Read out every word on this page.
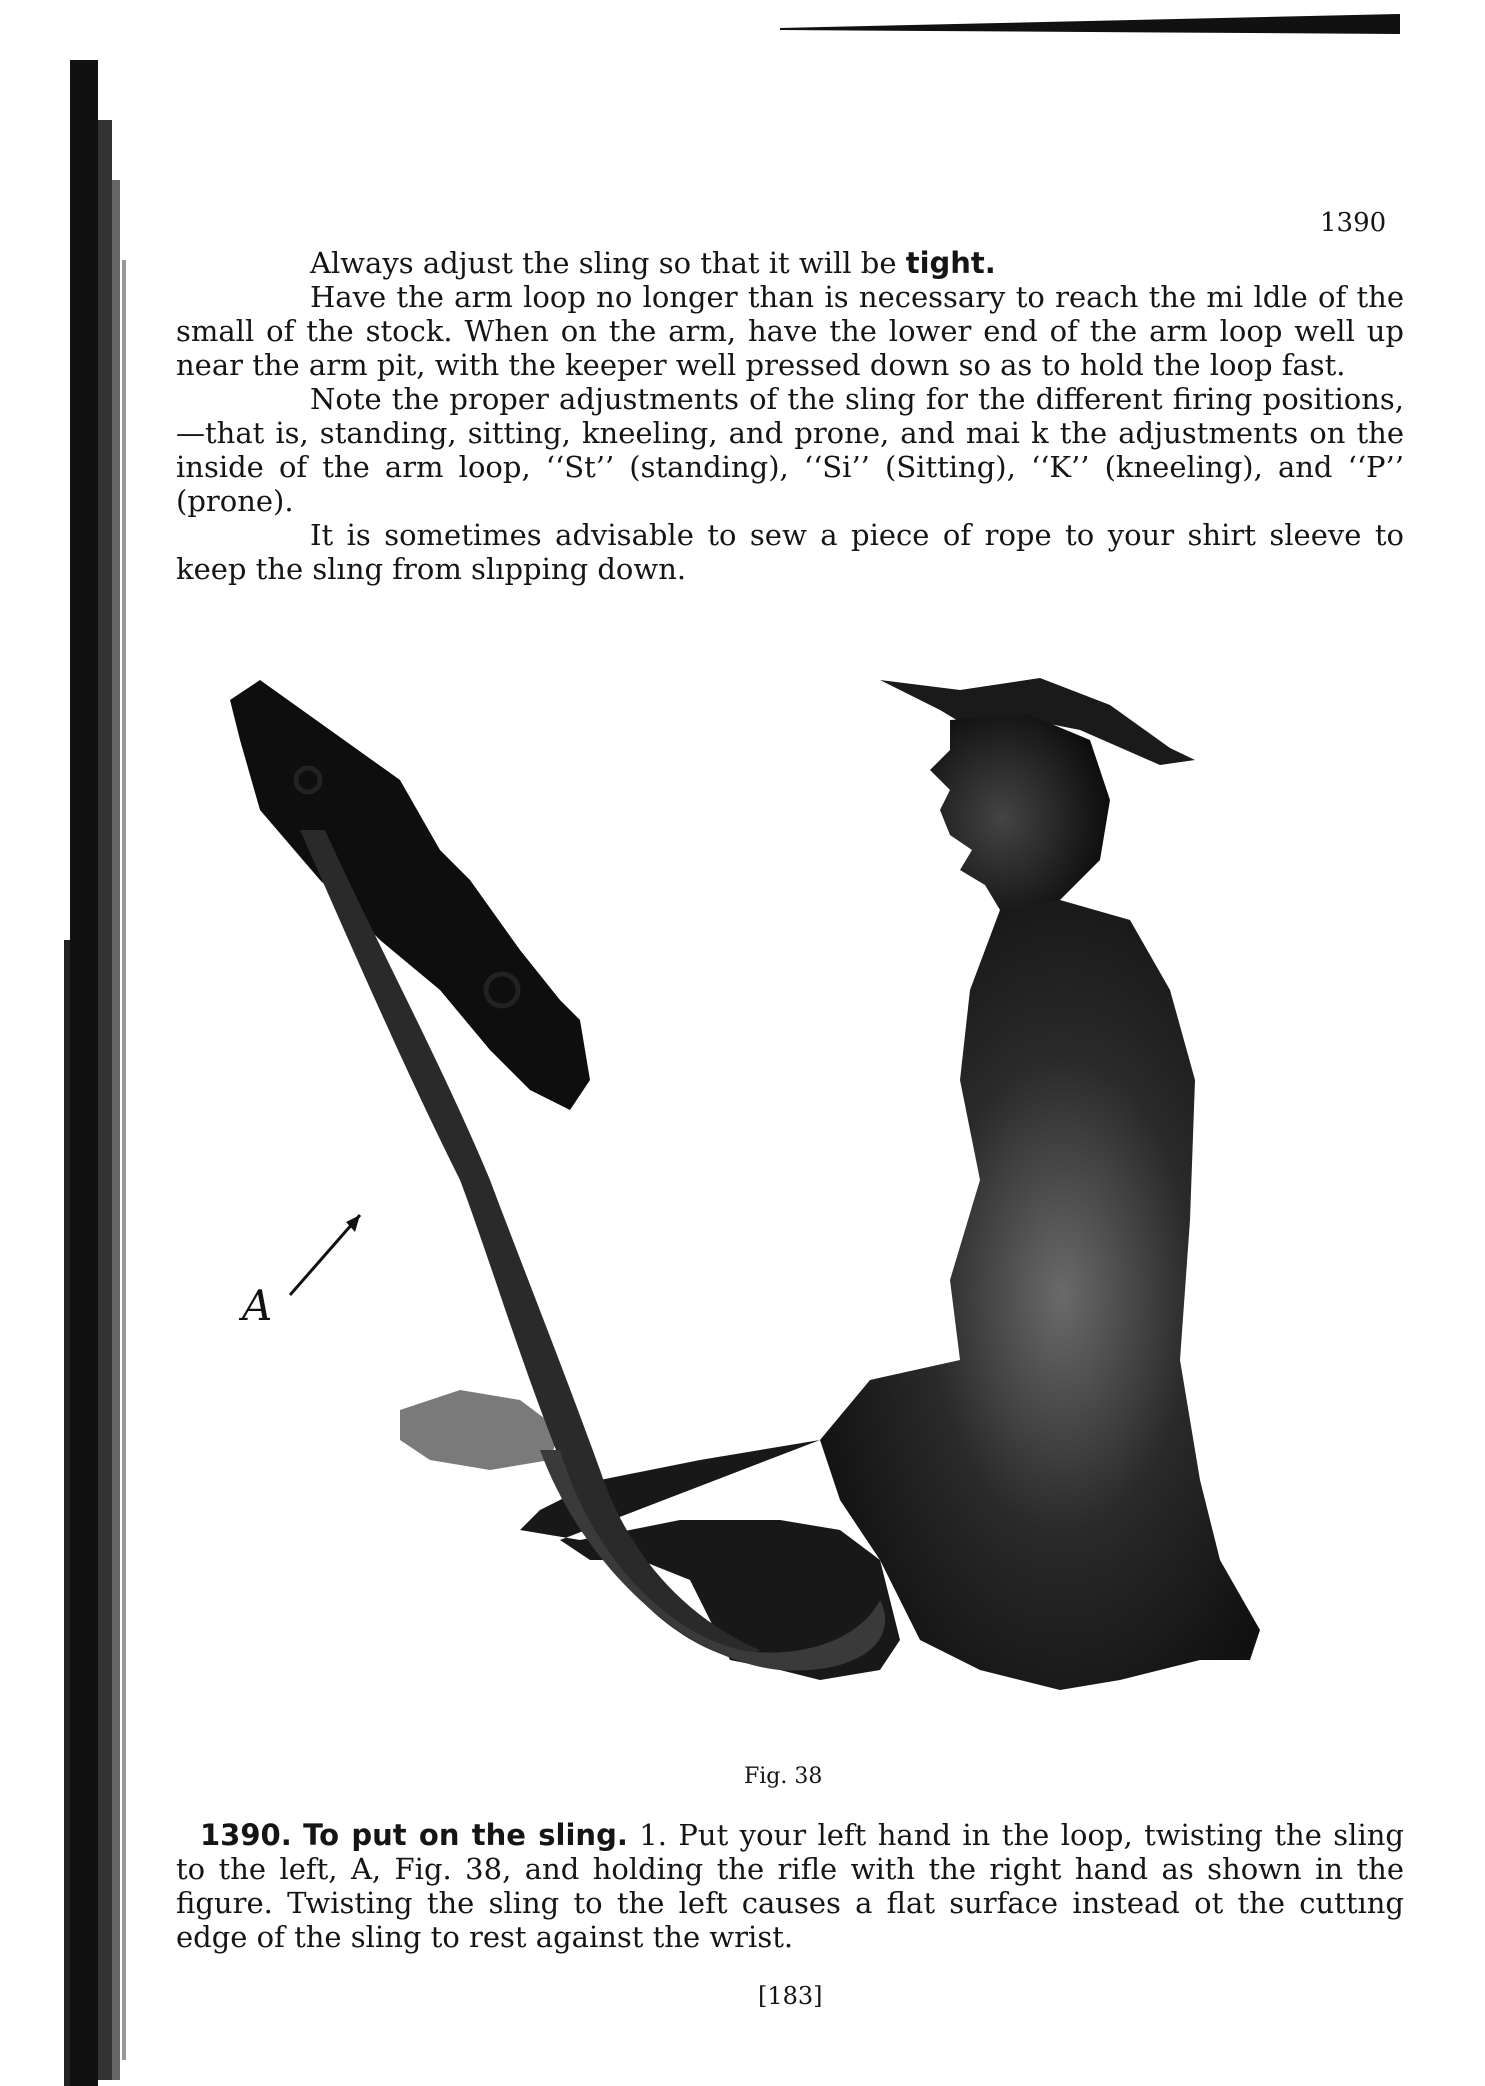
1390

Always adjust the sling so that it will be tight.

Have the arm loop no longer than is necessary to reach the mi ldle of the small of the stock. When on the arm, have the lower end of the arm loop well up near the arm pit, with the keeper well pressed down so as to hold the loop fast.

Note the proper adjustments of the sling for the different firing positions,—that is, standing, sitting, kneeling, and prone, and mai k the adjustments on the inside of the arm loop, ‘‘St’’ (standing), ‘‘Si’’ (Sitting), ‘‘K’’ (kneeling), and ‘‘P’’ (prone).

It is sometimes advisable to sew a piece of rope to your shirt sleeve to keep the slıng from slıpping down.

A
Fig. 38

1390. To put on the sling. 1. Put your left hand in the loop, twisting the sling to the left, A, Fig. 38, and holding the rifle with the right hand as shown in the figure. Twisting the sling to the left causes a flat surface instead ot the cuttıng edge of the sling to rest against the wrist.

[183]
